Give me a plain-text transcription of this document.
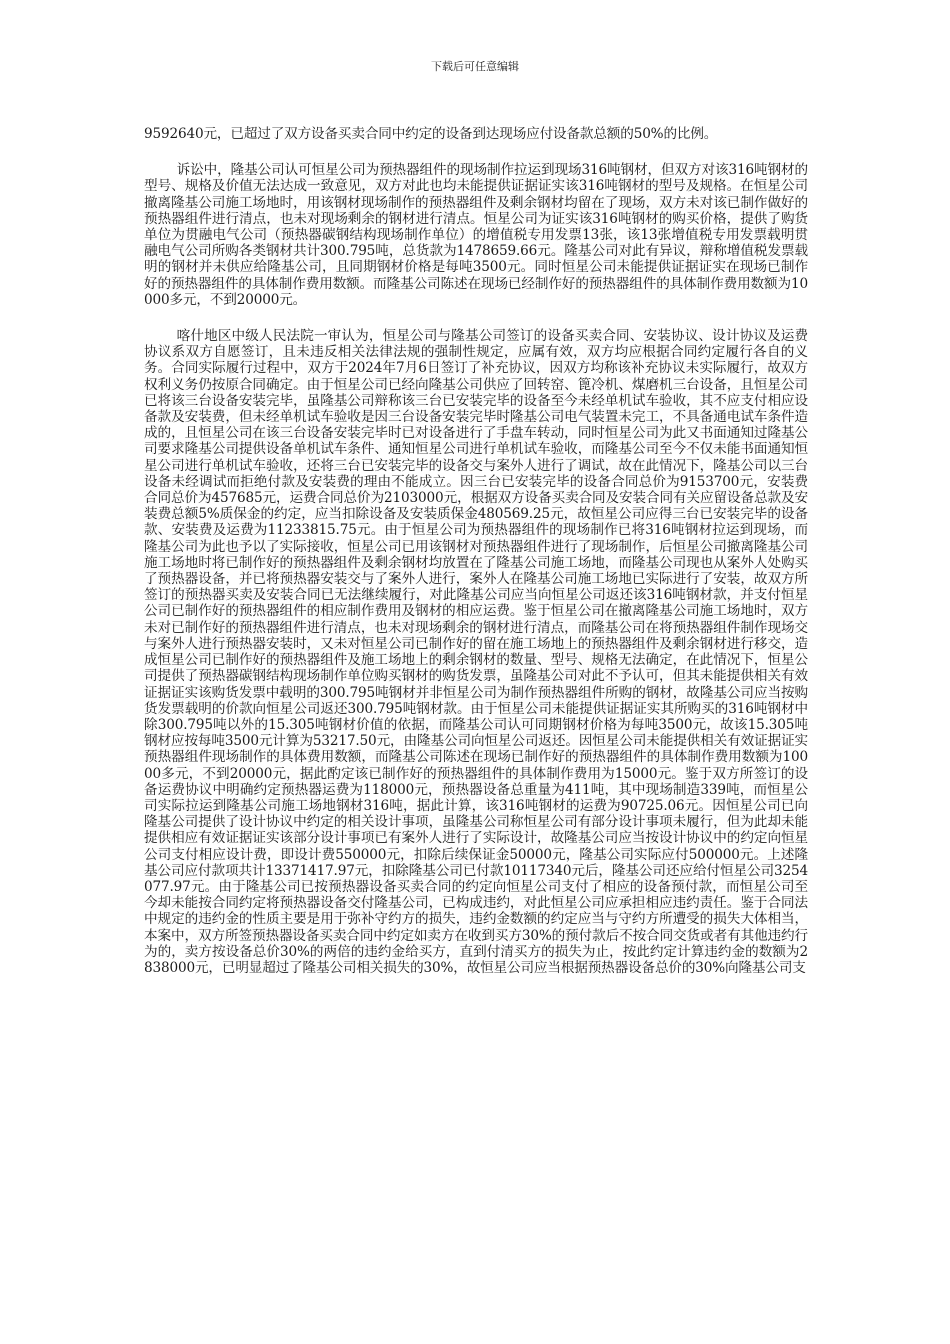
下载后可任意编辑

9592640元，已超过了双方设备买卖合同中约定的设备到达现场应付设备款总额的50%的比例。

诉讼中，隆基公司认可恒星公司为预热器组件的现场制作拉运到现场316吨钢材，但双方对该316吨钢材的型号、规格及价值无法达成一致意见，双方对此也均未能提供证据证实该316吨钢材的型号及规格。在恒星公司撤离隆基公司施工场地时，用该钢材现场制作的预热器组件及剩余钢材均留在了现场，双方未对该已制作做好的预热器组件进行清点，也未对现场剩余的钢材进行清点。恒星公司为证实该316吨钢材的购买价格，提供了购货单位为贯融电气公司（预热器碳钢结构现场制作单位）的增值税专用发票13张，该13张增值税专用发票载明贯融电气公司所购各类钢材共计300.795吨，总货款为1478659.66元。隆基公司对此有异议，辩称增值税发票载明的钢材并未供应给隆基公司，且同期钢材价格是每吨3500元。同时恒星公司未能提供证据证实在现场已制作好的预热器组件的具体制作费用数额。而隆基公司陈述在现场已经制作好的预热器组件的具体制作费用数额为10000多元，不到20000元。

喀什地区中级人民法院一审认为，恒星公司与隆基公司签订的设备买卖合同、安装协议、设计协议及运费协议系双方自愿签订，且未违反相关法律法规的强制性规定，应属有效，双方均应根据合同约定履行各自的义务。合同实际履行过程中，双方于2024年7月6日签订了补充协议，因双方均称该补充协议未实际履行，故双方权利义务仍按原合同确定。由于恒星公司已经向隆基公司供应了回转窑、篦冷机、煤磨机三台设备，且恒星公司已将该三台设备安装完毕，虽隆基公司辩称该三台已安装完毕的设备至今未经单机试车验收，其不应支付相应设备款及安装费，但未经单机试车验收是因三台设备安装完毕时隆基公司电气装置未完工，不具备通电试车条件造成的，且恒星公司在该三台设备安装完毕时已对设备进行了手盘车转动，同时恒星公司为此又书面通知过隆基公司要求隆基公司提供设备单机试车条件、通知恒星公司进行单机试车验收，而隆基公司至今不仅未能书面通知恒星公司进行单机试车验收，还将三台已安装完毕的设备交与案外人进行了调试，故在此情况下，隆基公司以三台设备未经调试而拒绝付款及安装费的理由不能成立。因三台已安装完毕的设备合同总价为9153700元，安装费合同总价为457685元，运费合同总价为2103000元，根据双方设备买卖合同及安装合同有关应留设备总款及安装费总额5%质保金的约定，应当扣除设备及安装质保金480569.25元，故恒星公司应得三台已安装完毕的设备款、安装费及运费为11233815.75元。由于恒星公司为预热器组件的现场制作已将316吨钢材拉运到现场，而隆基公司为此也予以了实际接收，恒星公司已用该钢材对预热器组件进行了现场制作，后恒星公司撤离隆基公司施工场地时将已制作好的预热器组件及剩余钢材均放置在了隆基公司施工场地，而隆基公司现也从案外人处购买了预热器设备，并已将预热器安装交与了案外人进行，案外人在隆基公司施工场地已实际进行了安装，故双方所签订的预热器买卖及安装合同已无法继续履行，对此隆基公司应当向恒星公司返还该316吨钢材款，并支付恒星公司已制作好的预热器组件的相应制作费用及钢材的相应运费。鉴于恒星公司在撤离隆基公司施工场地时，双方未对已制作好的预热器组件进行清点，也未对现场剩余的钢材进行清点，而隆基公司在将预热器组件制作现场交与案外人进行预热器安装时，又未对恒星公司已制作好的留在施工场地上的预热器组件及剩余钢材进行移交，造成恒星公司已制作好的预热器组件及施工场地上的剩余钢材的数量、型号、规格无法确定，在此情况下，恒星公司提供了预热器碳钢结构现场制作单位购买钢材的购货发票，虽隆基公司对此不予认可，但其未能提供相关有效证据证实该购货发票中载明的300.795吨钢材并非恒星公司为制作预热器组件所购的钢材，故隆基公司应当按购货发票载明的价款向恒星公司返还300.795吨钢材款。由于恒星公司未能提供证据证实其所购买的316吨钢材中除300.795吨以外的15.305吨钢材价值的依据，而隆基公司认可同期钢材价格为每吨3500元，故该15.305吨钢材应按每吨3500元计算为53217.50元，由隆基公司向恒星公司返还。因恒星公司未能提供相关有效证据证实预热器组件现场制作的具体费用数额，而隆基公司陈述在现场已制作好的预热器组件的具体制作费用数额为10000多元，不到20000元，据此酌定该已制作好的预热器组件的具体制作费用为15000元。鉴于双方所签订的设备运费协议中明确约定预热器运费为118000元，预热器设备总重量为411吨，其中现场制造339吨，而恒星公司实际拉运到隆基公司施工场地钢材316吨，据此计算，该316吨钢材的运费为90725.06元。因恒星公司已向隆基公司提供了设计协议中约定的相关设计事项，虽隆基公司称恒星公司有部分设计事项未履行，但为此却未能提供相应有效证据证实该部分设计事项已有案外人进行了实际设计，故隆基公司应当按设计协议中的约定向恒星公司支付相应设计费，即设计费550000元，扣除后续保证金50000元，隆基公司实际应付500000元。上述隆基公司应付款项共计13371417.97元，扣除隆基公司已付款10117340元后，隆基公司还应给付恒星公司3254077.97元。由于隆基公司已按预热器设备买卖合同的约定向恒星公司支付了相应的设备预付款，而恒星公司至今却未能按合同约定将预热器设备交付隆基公司，已构成违约，对此恒星公司应承担相应违约责任。鉴于合同法中规定的违约金的性质主要是用于弥补守约方的损失，违约金数额的约定应当与守约方所遭受的损失大体相当，本案中，双方所签预热器设备买卖合同中约定如卖方在收到买方30%的预付款后不按合同交货或者有其他违约行为的，卖方按设备总价30%的两倍的违约金给买方，直到付清买方的损失为止，按此约定计算违约金的数额为2838000元，已明显超过了隆基公司相关损失的30%，故恒星公司应当根据预热器设备总价的30%向隆基公司支
